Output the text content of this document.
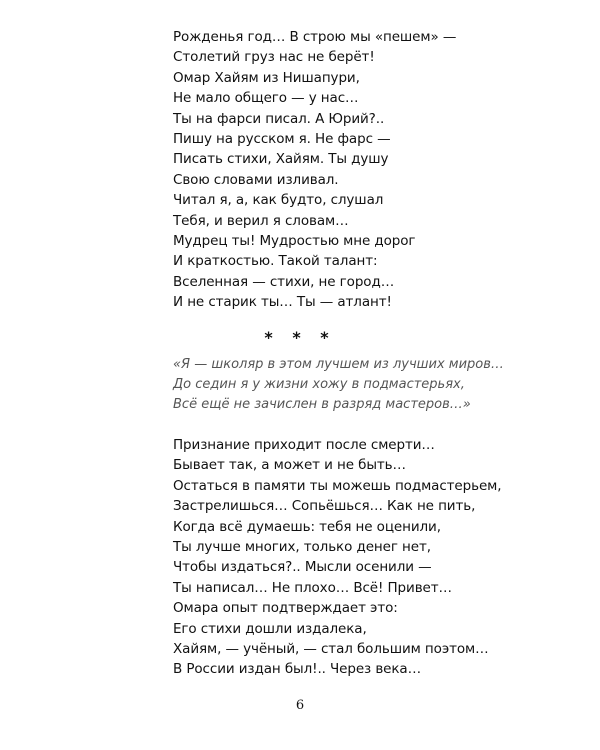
Рожденья год… В строю мы «пешем» —
Столетий груз нас не берёт!
Омар Хайям из Нишапури,
Не мало общего — у нас…
Ты на фарси писал. А Юрий?..
Пишу на русском я. Не фарс —
Писать стихи, Хайям. Ты душу
Свою словами изливал.
Читал я, а, как будто, слушал
Тебя, и верил я словам…
Мудрец ты! Мудростью мне дорог
И краткостью. Такой талант:
Вселенная — стихи, не город…
И не старик ты… Ты — атлант!
* * *
«Я — школяр в этом лучшем из лучших миров…
До седин я у жизни хожу в подмастерьях,
Всё ещё не зачислен в разряд мастеров…»
Признание приходит после смерти…
Бывает так, а может и не быть…
Остаться в памяти ты можешь подмастерьем,
Застрелишься… Сопьёшься… Как не пить,
Когда всё думаешь: тебя не оценили,
Ты лучше многих, только денег нет,
Чтобы издаться?.. Мысли осенили —
Ты написал… Не плохо… Всё! Привет…
Омара опыт подтверждает это:
Его стихи дошли издалека,
Хайям, — учёный, — стал большим поэтом…
В России издан был!.. Через века…
6
